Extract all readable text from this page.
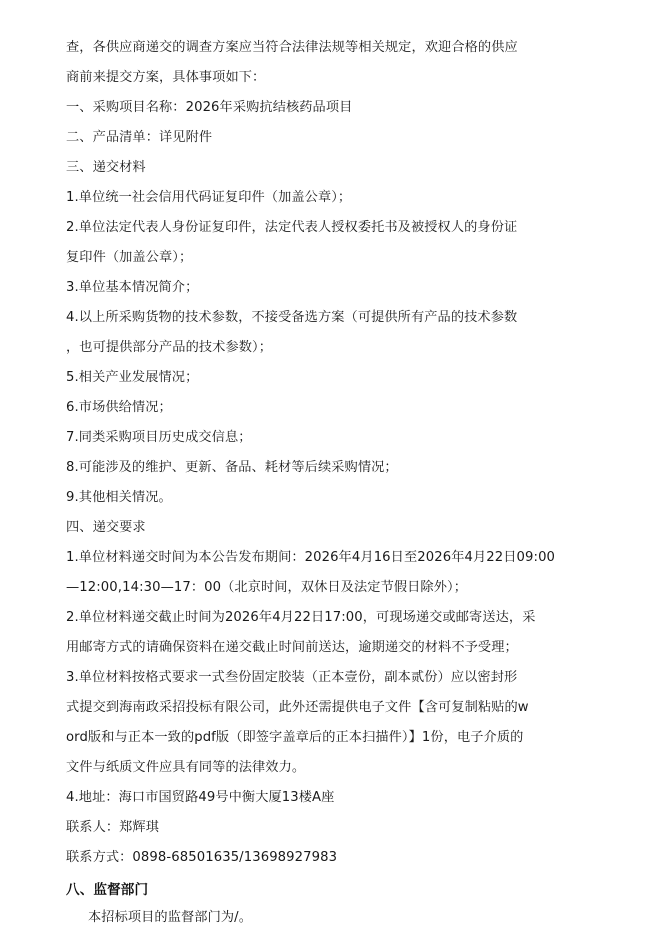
查，各供应商递交的调查方案应当符合法律法规等相关规定，欢迎合格的供应
商前来提交方案，具体事项如下：
一、采购项目名称：2026年采购抗结核药品项目
二、产品清单：详见附件
三、递交材料
1.单位统一社会信用代码证复印件（加盖公章）；
2.单位法定代表人身份证复印件，法定代表人授权委托书及被授权人的身份证
复印件（加盖公章）；
3.单位基本情况简介；
4.以上所采购货物的技术参数，不接受备选方案（可提供所有产品的技术参数
，也可提供部分产品的技术参数）；
5.相关产业发展情况；
6.市场供给情况；
7.同类采购项目历史成交信息；
8.可能涉及的维护、更新、备品、耗材等后续采购情况；
9.其他相关情况。
四、递交要求
1.单位材料递交时间为本公告发布期间：2026年4月16日至2026年4月22日09:00
—12:00,14:30—17：00（北京时间，双休日及法定节假日除外）；
2.单位材料递交截止时间为2026年4月22日17:00，可现场递交或邮寄送达，采
用邮寄方式的请确保资料在递交截止时间前送达，逾期递交的材料不予受理；
3.单位材料按格式要求一式叁份固定胶装（正本壹份，副本贰份）应以密封形
式提交到海南政采招投标有限公司，此外还需提供电子文件【含可复制粘贴的w
ord版和与正本一致的pdf版（即签字盖章后的正本扫描件）】1份，电子介质的
文件与纸质文件应具有同等的法律效力。
4.地址：海口市国贸路49号中衡大厦13楼A座
联系人：郑辉琪
联系方式：0898-68501635/13698927983
八、监督部门
本招标项目的监督部门为/。
